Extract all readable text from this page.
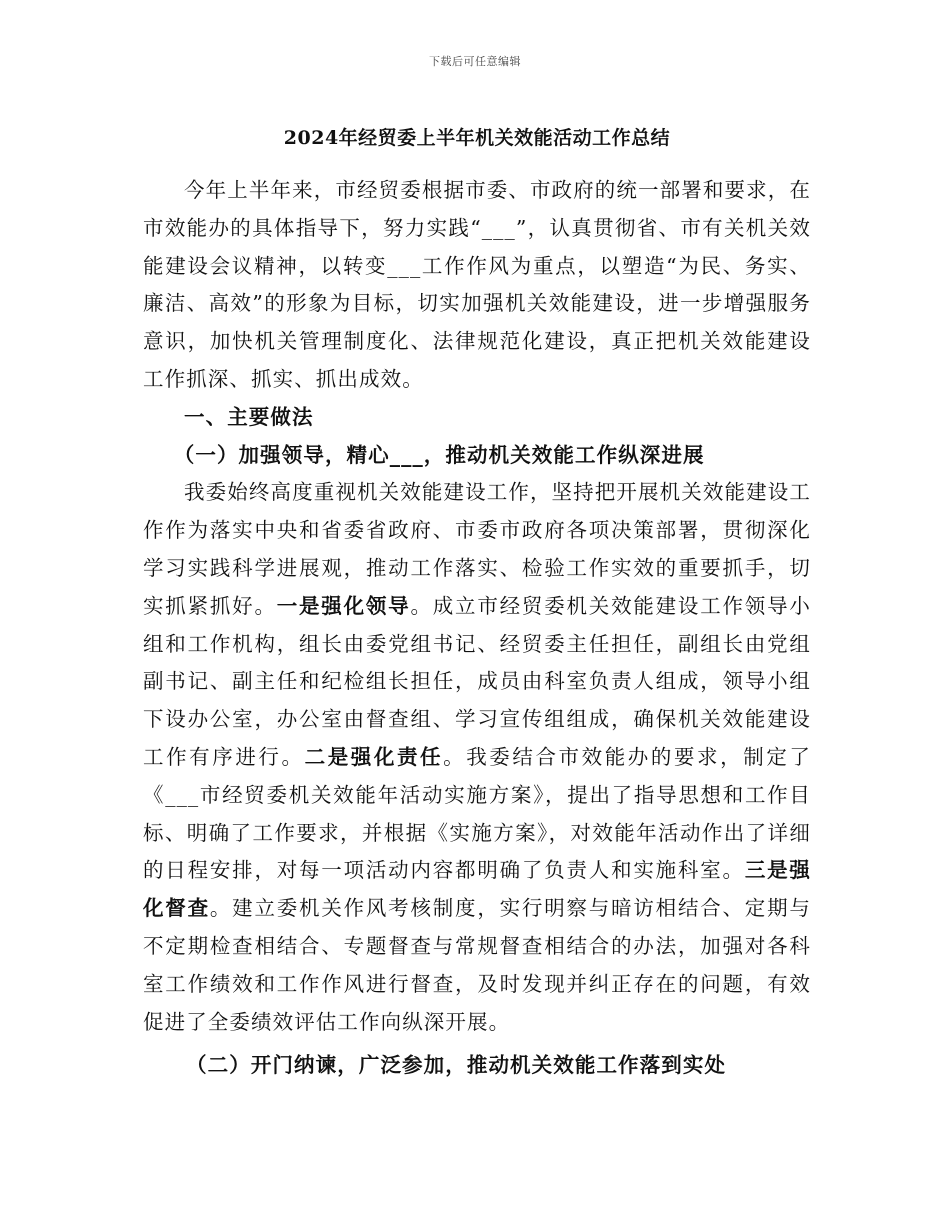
下载后可任意编辑
2024年经贸委上半年机关效能活动工作总结

今年上半年来，市经贸委根据市委、市政府的统一部署和要求，在市效能办的具体指导下，努力实践“___”，认真贯彻省、市有关机关效能建设会议精神，以转变___工作作风为重点，以塑造“为民、务实、廉洁、高效”的形象为目标，切实加强机关效能建设，进一步增强服务意识，加快机关管理制度化、法律规范化建设，真正把机关效能建设工作抓深、抓实、抓出成效。

一、主要做法

（一）加强领导，精心___，推动机关效能工作纵深进展

我委始终高度重视机关效能建设工作，坚持把开展机关效能建设工作作为落实中央和省委省政府、市委市政府各项决策部署，贯彻深化学习实践科学进展观，推动工作落实、检验工作实效的重要抓手，切实抓紧抓好。一是强化领导。成立市经贸委机关效能建设工作领导小组和工作机构，组长由委党组书记、经贸委主任担任，副组长由党组副书记、副主任和纪检组长担任，成员由科室负责人组成，领导小组下设办公室，办公室由督查组、学习宣传组组成，确保机关效能建设工作有序进行。二是强化责任。我委结合市效能办的要求，制定了《___市经贸委机关效能年活动实施方案》，提出了指导思想和工作目标、明确了工作要求，并根据《实施方案》，对效能年活动作出了详细的日程安排，对每一项活动内容都明确了负责人和实施科室。三是强化督查。建立委机关作风考核制度，实行明察与暗访相结合、定期与不定期检查相结合、专题督查与常规督查相结合的办法，加强对各科室工作绩效和工作作风进行督查，及时发现并纠正存在的问题，有效促进了全委绩效评估工作向纵深开展。

（二）开门纳谏，广泛参加，推动机关效能工作落到实处
